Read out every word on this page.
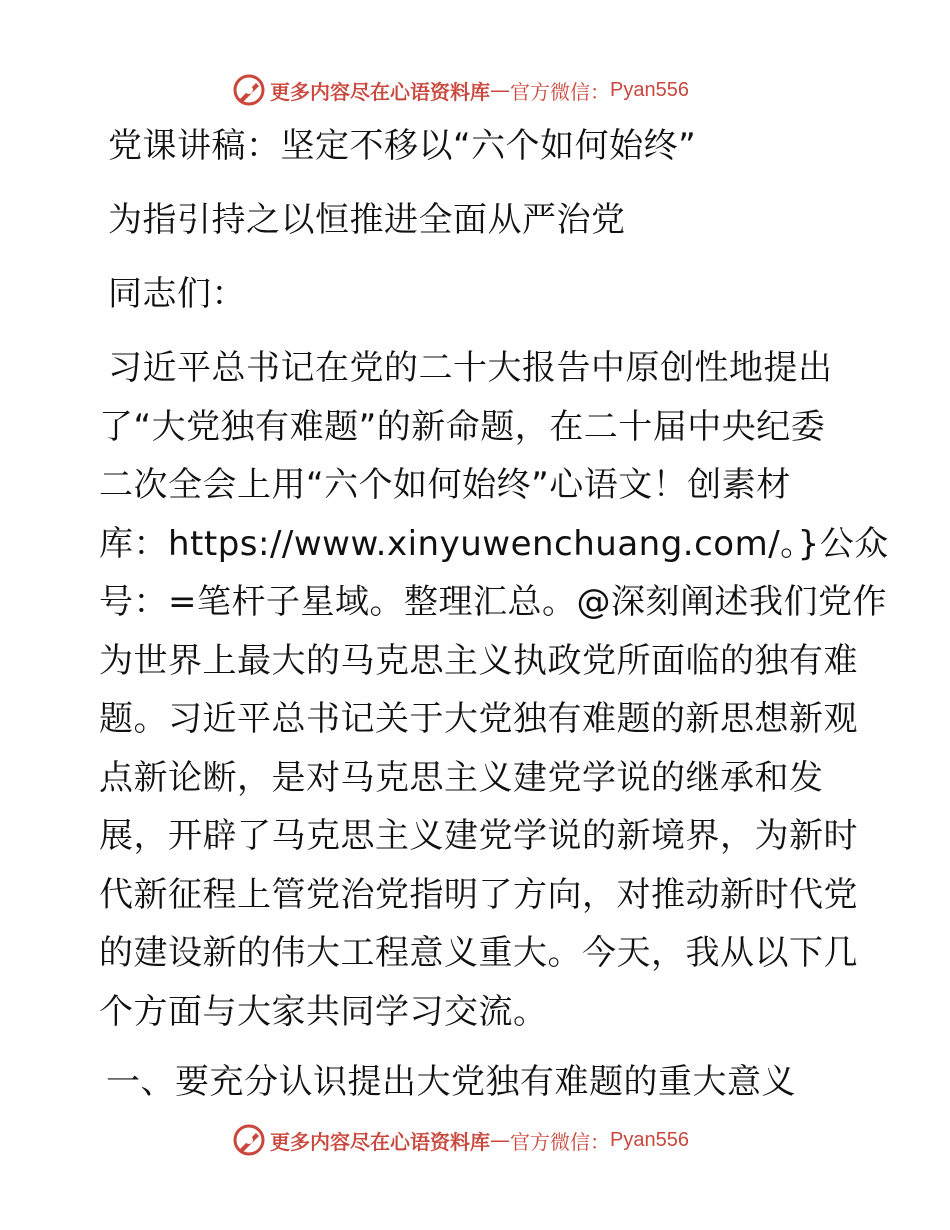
更多内容尽在心语资料库 — 官方微信： Pyan556
党课讲稿：坚定不移以“六个如何始终”
为指引持之以恒推进全面从严治党
同志们：
习近平总书记在党的二十大报告中原创性地提出
了“大党独有难题”的新命题，在二十届中央纪委
二次全会上用“六个如何始终”心语文！创素材
库：https://www.xinyuwenchuang.com/。}公众
号：=笔杆子星域。整理汇总。@深刻阐述我们党作
为世界上最大的马克思主义执政党所面临的独有难
题。习近平总书记关于大党独有难题的新思想新观
点新论断，是对马克思主义建党学说的继承和发
展，开辟了马克思主义建党学说的新境界，为新时
代新征程上管党治党指明了方向，对推动新时代党
的建设新的伟大工程意义重大。今天，我从以下几
个方面与大家共同学习交流。
一、要充分认识提出大党独有难题的重大意义
更多内容尽在心语资料库 — 官方微信： Pyan556
